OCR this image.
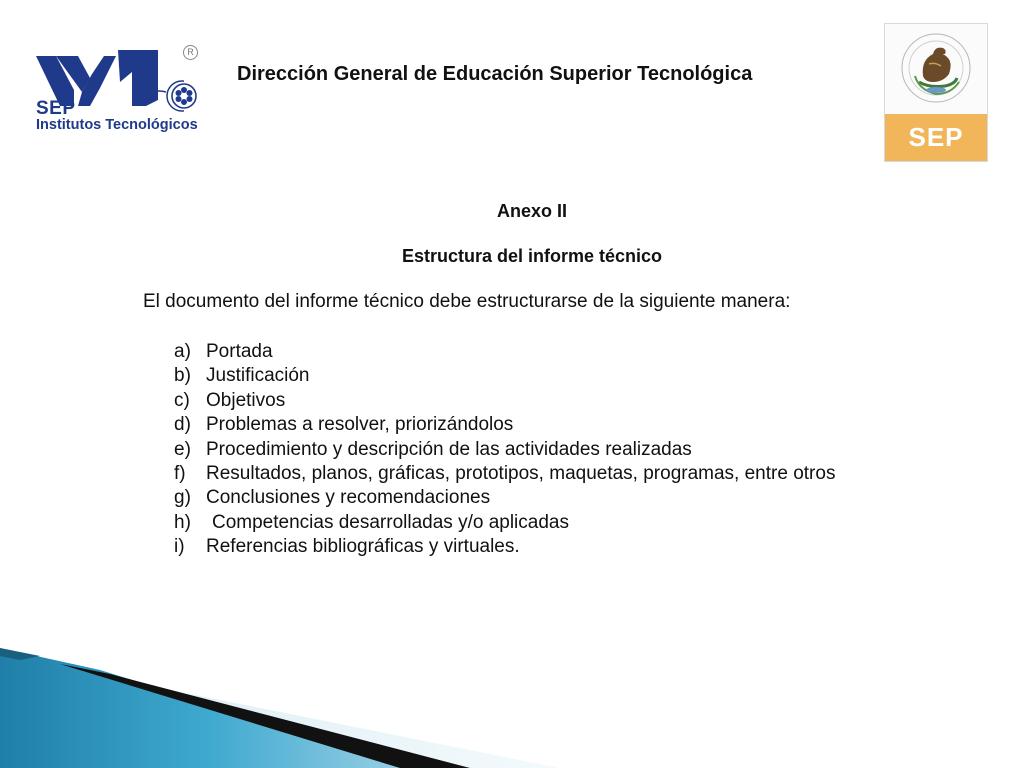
R
SEP
Institutos Tecnológicos
Dirección General de Educación Superior Tecnológica
SEP
Anexo II
Estructura del informe técnico
El documento del informe técnico debe estructurarse de la siguiente manera:
a) Portada
b) Justificación
c) Objetivos
d) Problemas a resolver, priorizándolos
e) Procedimiento y descripción de las actividades realizadas
f) Resultados, planos, gráficas, prototipos, maquetas, programas, entre otros
g) Conclusiones y recomendaciones
h) Competencias desarrolladas y/o aplicadas
i) Referencias bibliográficas y virtuales.
